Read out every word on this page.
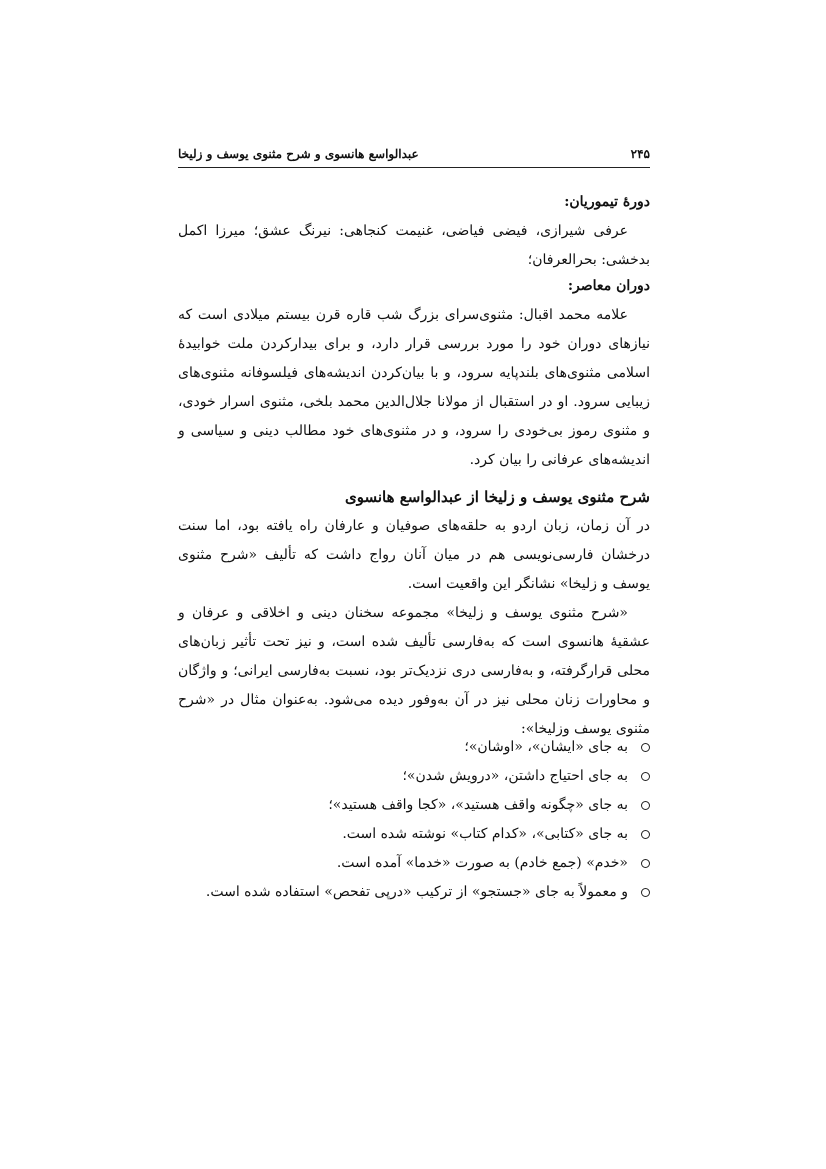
۲۴۵
عبدالواسع هانسوی و شرح مثنوی یوسف و زلیخا

دورهٔ تیموریان:

عرفی شیرازی، فیضی فیاضی، غنیمت کنجاهی: نیرنگ عشق؛ میرزا اکمل بدخشی: بحرالعرفان؛

دوران معاصر:

علامه محمد اقبال: مثنوی‌سرای بزرگ شب قاره قرن بیستم میلادی است که نیازهای دوران خود را مورد بررسی قرار دارد، و برای بیدارکردن ملت خوابیدهٔ اسلامی مثنوی‌های بلندپایه سرود، و با بیان‌کردن اندیشه‌های فیلسوفانه مثنوی‌های زیبایی سرود. او در استقبال از مولانا جلال‌الدین محمد بلخی، مثنوی اسرار خودی، و مثنوی رموز بی‌خودی را سرود، و در مثنوی‌های خود مطالب دینی و سیاسی و اندیشه‌های عرفانی را بیان کرد.

شرح مثنوی یوسف و زلیخا از عبدالواسع هانسوی

در آن زمان، زبان اردو به حلقه‌های صوفیان و عارفان راه یافته بود، اما سنت درخشان فارسی‌نویسی هم در میان آنان رواج داشت که تألیف «شرح مثنوی یوسف و زلیخا» نشانگر این واقعیت است.

«شرح مثنوی یوسف و زلیخا» مجموعه سخنان دینی و اخلاقی و عرفان و عشقیهٔ هانسوی است که به‌فارسی تألیف شده است، و نیز تحت تأثیر زبان‌های محلی قرارگرفته، و به‌فارسی دری نزدیک‌تر بود، نسبت به‌فارسی ایرانی؛ و واژگان و محاورات زنان محلی نیز در آن به‌وفور دیده می‌شود. به‌عنوان مثال در «شرح مثنوی یوسف وزلیخا»:

به جای «ایشان»، «اوشان»؛
به جای احتیاج داشتن، «درویش شدن»؛
به جای «چگونه واقف هستید»، «کجا واقف هستید»؛
به جای «کتابی»، «کدام کتاب» نوشته شده است.
«خدم» (جمع خادم) به صورت «خدما» آمده است.
و معمولاً به جای «جستجو» از ترکیب «درپی تفحص» استفاده شده است.
